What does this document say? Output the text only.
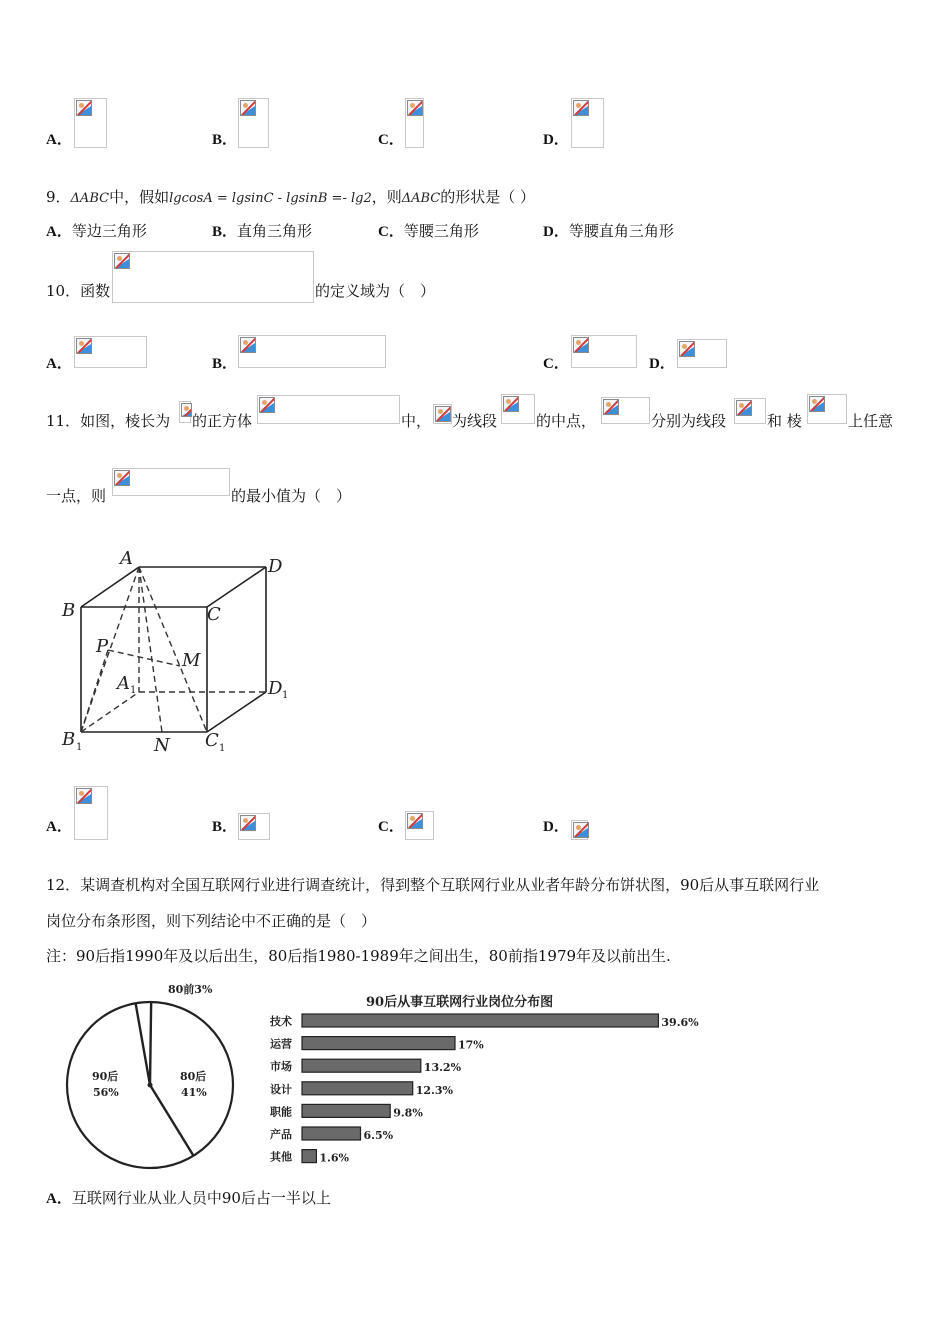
A．	B．	C．	D．
9．ΔABC中，假如lgcosA = lgsinC - lgsinB =- lg2，则ΔABC的形状是（ ）
A．等边三角形	B．直角三角形	C．等腰三角形	D．等腰直角三角形
10．函数	的定义域为（　）
A．	B．	C．	D．
11．如图，棱长为 的正方体	中， 为线段	的中点，	分别为线段	和 棱	上任意
一点，则	的最小值为（　）
A	D
B	C
P
M
A	D
B	N C
1	1
1	1
A．	B．	C．	D．
12．某调查机构对全国互联网行业进行调查统计，得到整个互联网行业从业者年龄分布饼状图，90后从事互联网行业
岗位分布条形图，则下列结论中不正确的是（　）
注：90后指1990年及以后出生，80后指1980-1989年之间出生，80前指1979年及以前出生.
90后
56%
80后
41%
80前3%
90后从事互联网行业岗位分布图
技术	39.6%
运营	17%
市场	13.2%
设计	12.3%
职能	9.8%
产品	6.5%
其他 1.6%
A．互联网行业从业人员中90后占一半以上
